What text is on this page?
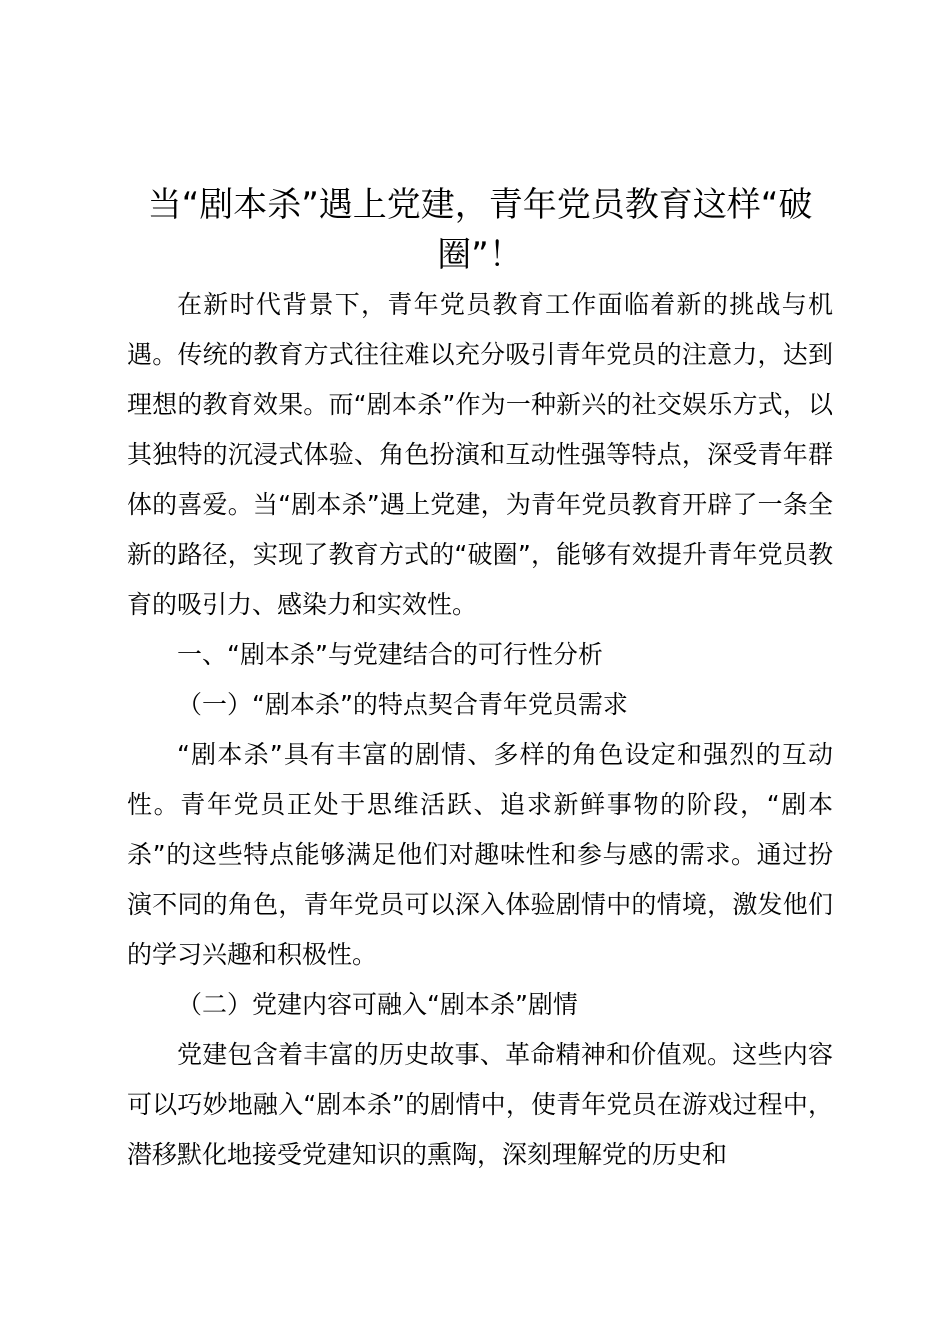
当“剧本杀”遇上党建，青年党员教育这样“破圈”！

在新时代背景下，青年党员教育工作面临着新的挑战与机遇。传统的教育方式往往难以充分吸引青年党员的注意力，达到理想的教育效果。而“剧本杀”作为一种新兴的社交娱乐方式，以其独特的沉浸式体验、角色扮演和互动性强等特点，深受青年群体的喜爱。当“剧本杀”遇上党建，为青年党员教育开辟了一条全新的路径，实现了教育方式的“破圈”，能够有效提升青年党员教育的吸引力、感染力和实效性。

一、“剧本杀”与党建结合的可行性分析

（一）“剧本杀”的特点契合青年党员需求

“剧本杀”具有丰富的剧情、多样的角色设定和强烈的互动性。青年党员正处于思维活跃、追求新鲜事物的阶段，“剧本杀”的这些特点能够满足他们对趣味性和参与感的需求。通过扮演不同的角色，青年党员可以深入体验剧情中的情境，激发他们的学习兴趣和积极性。

（二）党建内容可融入“剧本杀”剧情

党建包含着丰富的历史故事、革命精神和价值观。这些内容可以巧妙地融入“剧本杀”的剧情中，使青年党员在游戏过程中，潜移默化地接受党建知识的熏陶，深刻理解党的历史和
